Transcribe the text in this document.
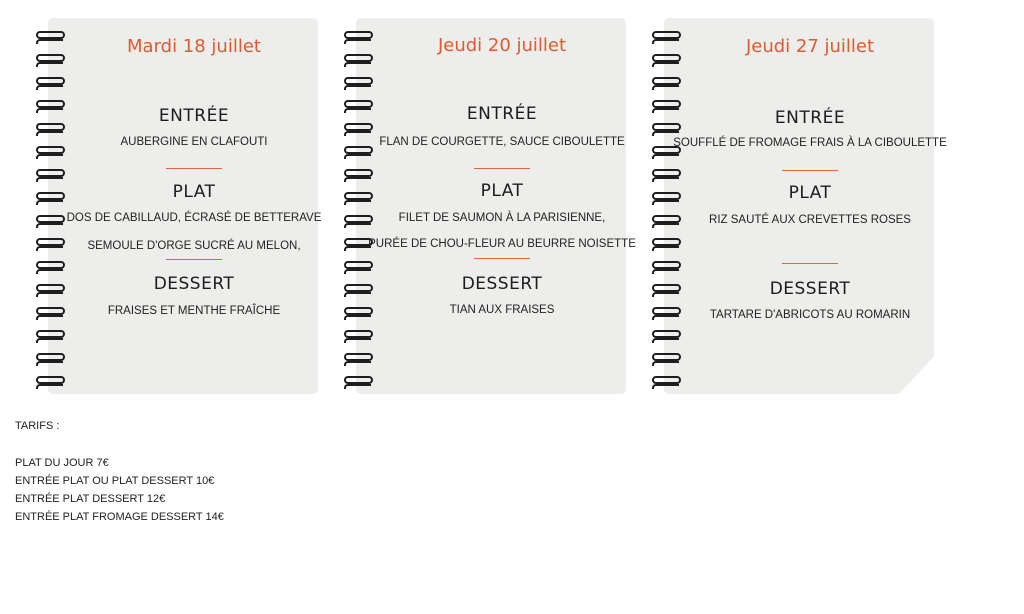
Mardi 18 juillet
ENTRÉE
AUBERGINE EN CLAFOUTI
PLAT
DOS DE CABILLAUD, ÉCRASÉ DE BETTERAVE
SEMOULE D'ORGE SUCRÉ AU MELON,
DESSERT
FRAISES ET MENTHE FRAÎCHE
Jeudi 20 juillet
ENTRÉE
FLAN DE COURGETTE, SAUCE CIBOULETTE
PLAT
FILET DE SAUMON À LA PARISIENNE,
PURÉE DE CHOU-FLEUR AU BEURRE NOISETTE
DESSERT
TIAN AUX FRAISES
Jeudi 27 juillet
ENTRÉE
SOUFFLÉ DE FROMAGE FRAIS À LA CIBOULETTE
PLAT
RIZ SAUTÉ AUX CREVETTES ROSES
DESSERT
TARTARE D'ABRICOTS AU ROMARIN
TARIFS :
PLAT DU JOUR 7€
ENTRÉE PLAT OU PLAT DESSERT 10€
ENTRÉE PLAT DESSERT 12€
ENTRÉE PLAT FROMAGE DESSERT 14€
